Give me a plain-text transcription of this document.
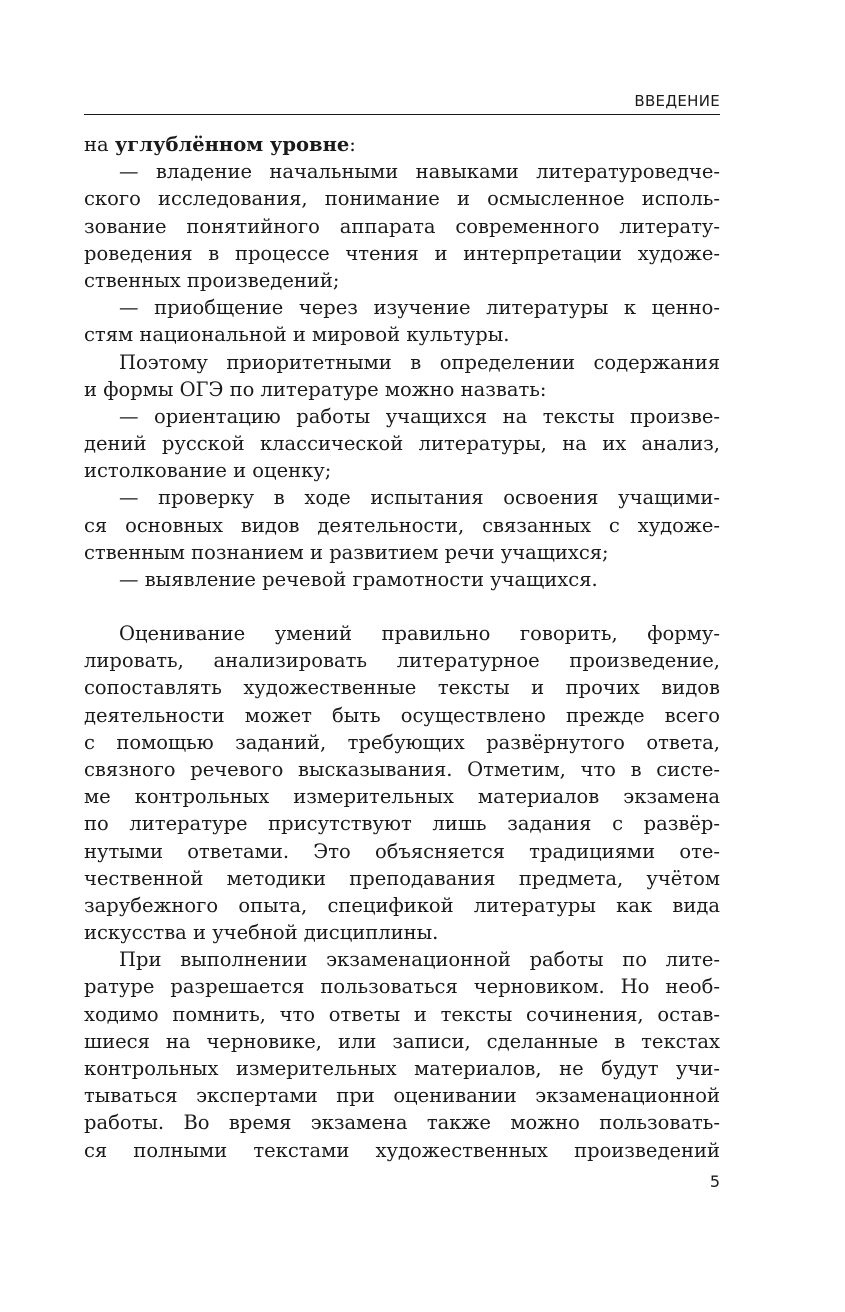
ВВЕДЕНИЕ
на углублённом уровне:
— владение начальными навыками литературоведче-
ского исследования, понимание и осмысленное исполь-
зование понятийного аппарата современного литерату-
роведения в процессе чтения и интерпретации художе-
ственных произведений;
— приобщение через изучение литературы к ценно-
стям национальной и мировой культуры.
Поэтому приоритетными в определении содержания
и формы ОГЭ по литературе можно назвать:
— ориентацию работы учащихся на тексты произве-
дений русской классической литературы, на их анализ,
истолкование и оценку;
— проверку в ходе испытания освоения учащими-
ся основных видов деятельности, связанных с художе-
ственным познанием и развитием речи учащихся;
— выявление речевой грамотности учащихся.
Оценивание умений правильно говорить, форму-
лировать, анализировать литературное произведение,
сопоставлять художественные тексты и прочих видов
деятельности может быть осуществлено прежде всего
с помощью заданий, требующих развёрнутого ответа,
связного речевого высказывания. Отметим, что в систе-
ме контрольных измерительных материалов экзамена
по литературе присутствуют лишь задания с развёр-
нутыми ответами. Это объясняется традициями оте-
чественной методики преподавания предмета, учётом
зарубежного опыта, спецификой литературы как вида
искусства и учебной дисциплины.
При выполнении экзаменационной работы по лите-
ратуре разрешается пользоваться черновиком. Но необ-
ходимо помнить, что ответы и тексты сочинения, остав-
шиеся на черновике, или записи, сделанные в текстах
контрольных измерительных материалов, не будут учи-
тываться экспертами при оценивании экзаменационной
работы. Во время экзамена также можно пользовать-
ся полными текстами художественных произведений
5
